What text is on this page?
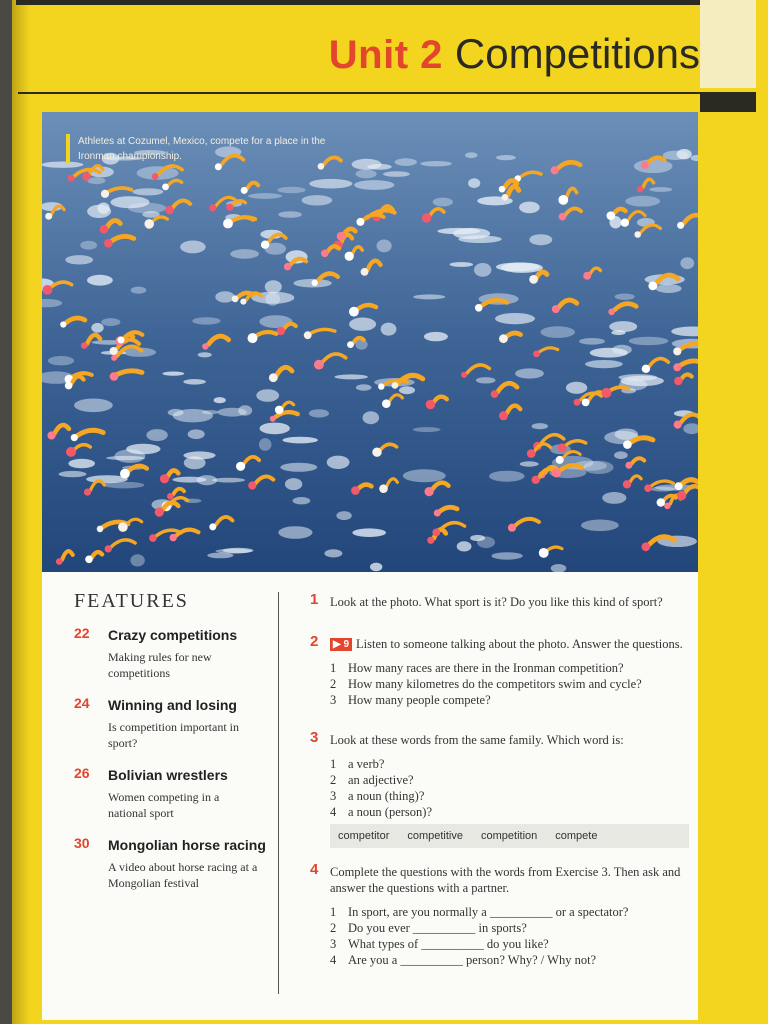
Unit 2 Competitions
Athletes at Cozumel, Mexico, compete for a place in the Ironman championship.
FEATURES
22	Crazy competitions
Making rules for new competitions
24	Winning and losing
Is competition important in sport?
26	Bolivian wrestlers
Women competing in a national sport
30	Mongolian horse racing
A video about horse racing at a Mongolian festival
1 Look at the photo. What sport is it? Do you like this kind of sport?
2	▶ 9 Listen to someone talking about the photo. Answer the questions.
1 How many races are there in the Ironman competition?
2 How many kilometres do the competitors swim and cycle?
3 How many people compete?
3 Look at these words from the same family. Which word is:
1 a verb?
2 an adjective?
3 a noun (thing)?
4 a noun (person)?
competitor competitive competition compete
4 Complete the questions with the words from Exercise 3. Then ask and answer the questions with a partner.
1 In sport, are you normally a __________ or a spectator?
2 Do you ever __________ in sports?
3 What types of __________ do you like?
4 Are you a __________ person? Why? / Why not?
